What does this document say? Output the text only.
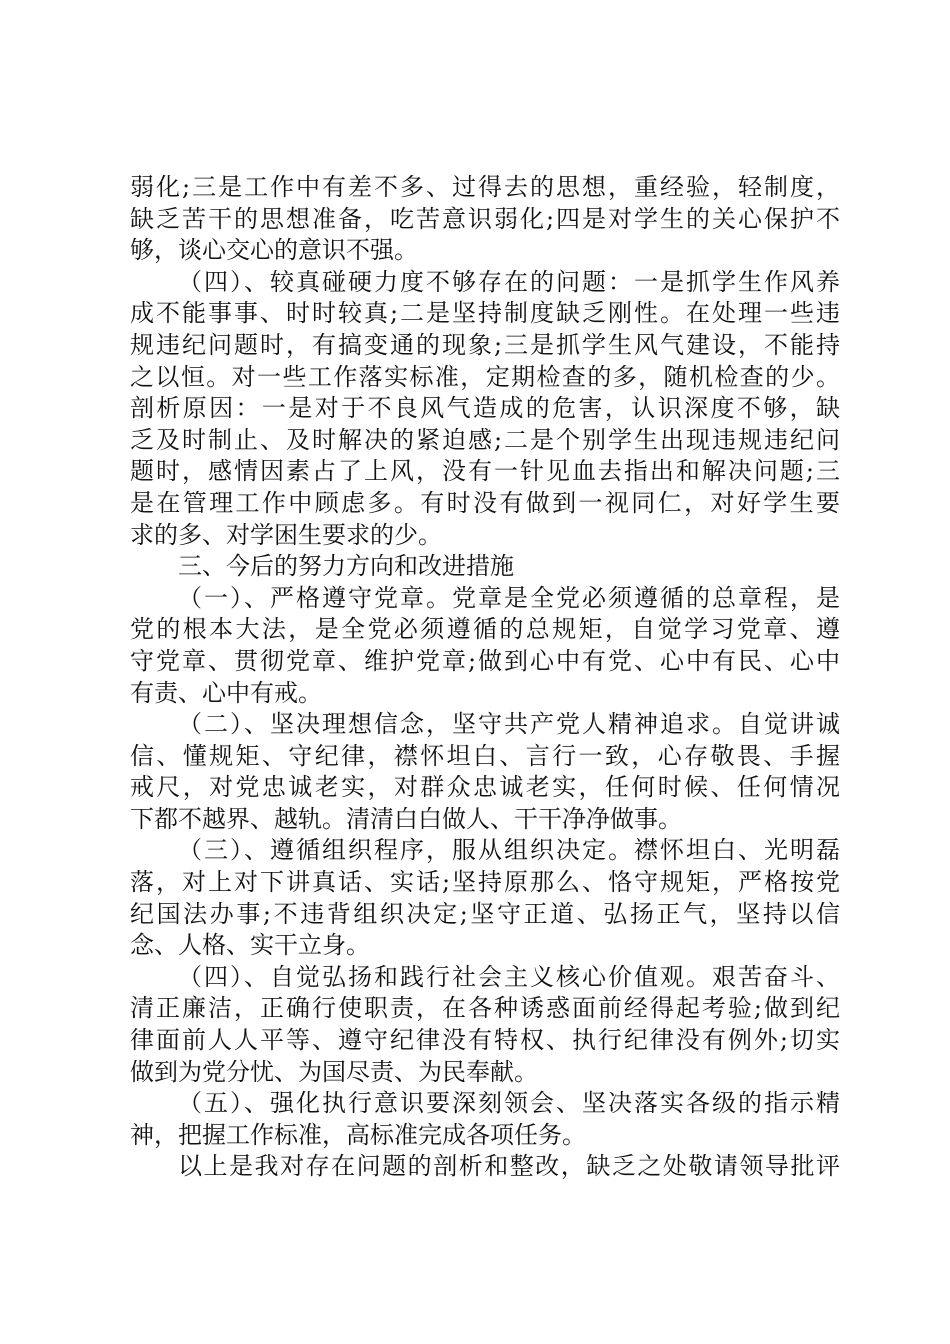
弱化;三是工作中有差不多、过得去的思想，重经验，轻制度，
缺乏苦干的思想准备，吃苦意识弱化;四是对学生的关心保护不
够，谈心交心的意识不强。
（四）、较真碰硬力度不够存在的问题：一是抓学生作风养
成不能事事、时时较真;二是坚持制度缺乏刚性。在处理一些违
规违纪问题时，有搞变通的现象;三是抓学生风气建设，不能持
之以恒。对一些工作落实标准，定期检查的多，随机检查的少。
剖析原因：一是对于不良风气造成的危害，认识深度不够，缺
乏及时制止、及时解决的紧迫感;二是个别学生出现违规违纪问
题时，感情因素占了上风，没有一针见血去指出和解决问题;三
是在管理工作中顾虑多。有时没有做到一视同仁，对好学生要
求的多、对学困生要求的少。
三、今后的努力方向和改进措施
（一）、严格遵守党章。党章是全党必须遵循的总章程，是
党的根本大法，是全党必须遵循的总规矩，自觉学习党章、遵
守党章、贯彻党章、维护党章;做到心中有党、心中有民、心中
有责、心中有戒。
（二）、坚决理想信念，坚守共产党人精神追求。自觉讲诚
信、懂规矩、守纪律，襟怀坦白、言行一致，心存敬畏、手握
戒尺，对党忠诚老实，对群众忠诚老实，任何时候、任何情况
下都不越界、越轨。清清白白做人、干干净净做事。
（三）、遵循组织程序，服从组织决定。襟怀坦白、光明磊
落，对上对下讲真话、实话;坚持原那么、恪守规矩，严格按党
纪国法办事;不违背组织决定;坚守正道、弘扬正气，坚持以信
念、人格、实干立身。
（四）、自觉弘扬和践行社会主义核心价值观。艰苦奋斗、
清正廉洁，正确行使职责，在各种诱惑面前经得起考验;做到纪
律面前人人平等、遵守纪律没有特权、执行纪律没有例外;切实
做到为党分忧、为国尽责、为民奉献。
（五）、强化执行意识要深刻领会、坚决落实各级的指示精
神，把握工作标准，高标准完成各项任务。
以上是我对存在问题的剖析和整改，缺乏之处敬请领导批评
